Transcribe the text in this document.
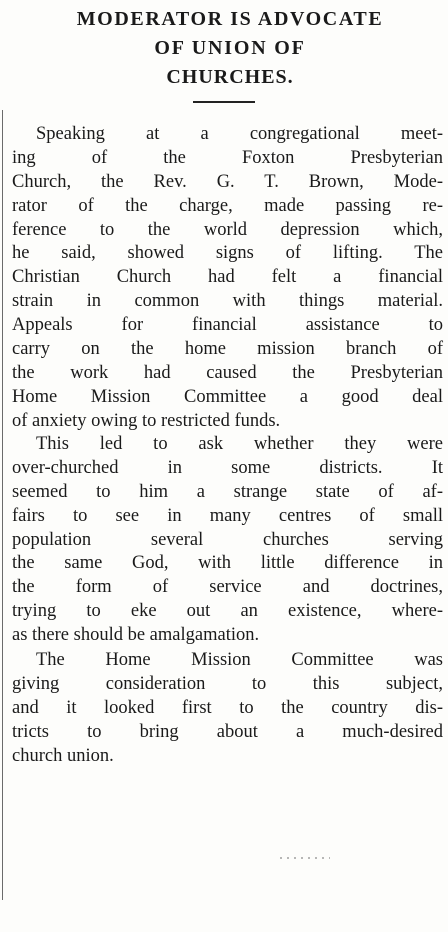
MODERATOR IS ADVOCATE
OF UNION OF
CHURCHES.
Speaking at a congregational meet-
ing of the Foxton Presbyterian
Church, the Rev. G. T. Brown, Mode-
rator of the charge, made passing re-
ference to the world depression which,
he said, showed signs of lifting. The
Christian Church had felt a financial
strain in common with things material.
Appeals for financial assistance to
carry on the home mission branch of
the work had caused the Presbyterian
Home Mission Committee a good deal
of anxiety owing to restricted funds.
This led to ask whether they were
over-churched in some districts. It
seemed to him a strange state of af-
fairs to see in many centres of small
population several churches serving
the same God, with little difference in
the form of service and doctrines,
trying to eke out an existence, where-
as there should be amalgamation.
The Home Mission Committee was
giving consideration to this subject,
and it looked first to the country dis-
tricts to bring about a much-desired
church union.
